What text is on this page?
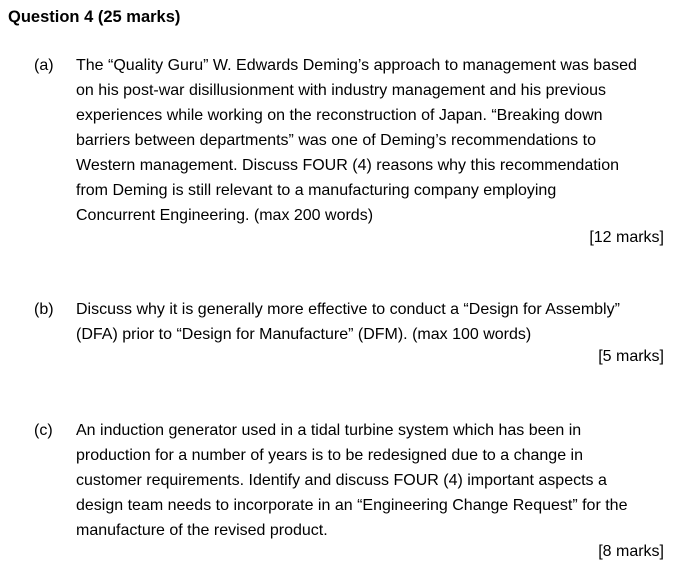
Question 4 (25 marks)
(a) The “Quality Guru” W. Edwards Deming’s approach to management was based
on his post-war disillusionment with industry management and his previous
experiences while working on the reconstruction of Japan. “Breaking down
barriers between departments” was one of Deming’s recommendations to
Western management. Discuss FOUR (4) reasons why this recommendation
from Deming is still relevant to a manufacturing company employing
Concurrent Engineering. (max 200 words)
[12 marks]
(b) Discuss why it is generally more effective to conduct a “Design for Assembly”
(DFA) prior to “Design for Manufacture” (DFM). (max 100 words)
[5 marks]
(c) An induction generator used in a tidal turbine system which has been in
production for a number of years is to be redesigned due to a change in
customer requirements. Identify and discuss FOUR (4) important aspects a
design team needs to incorporate in an “Engineering Change Request” for the
manufacture of the revised product.
[8 marks]
